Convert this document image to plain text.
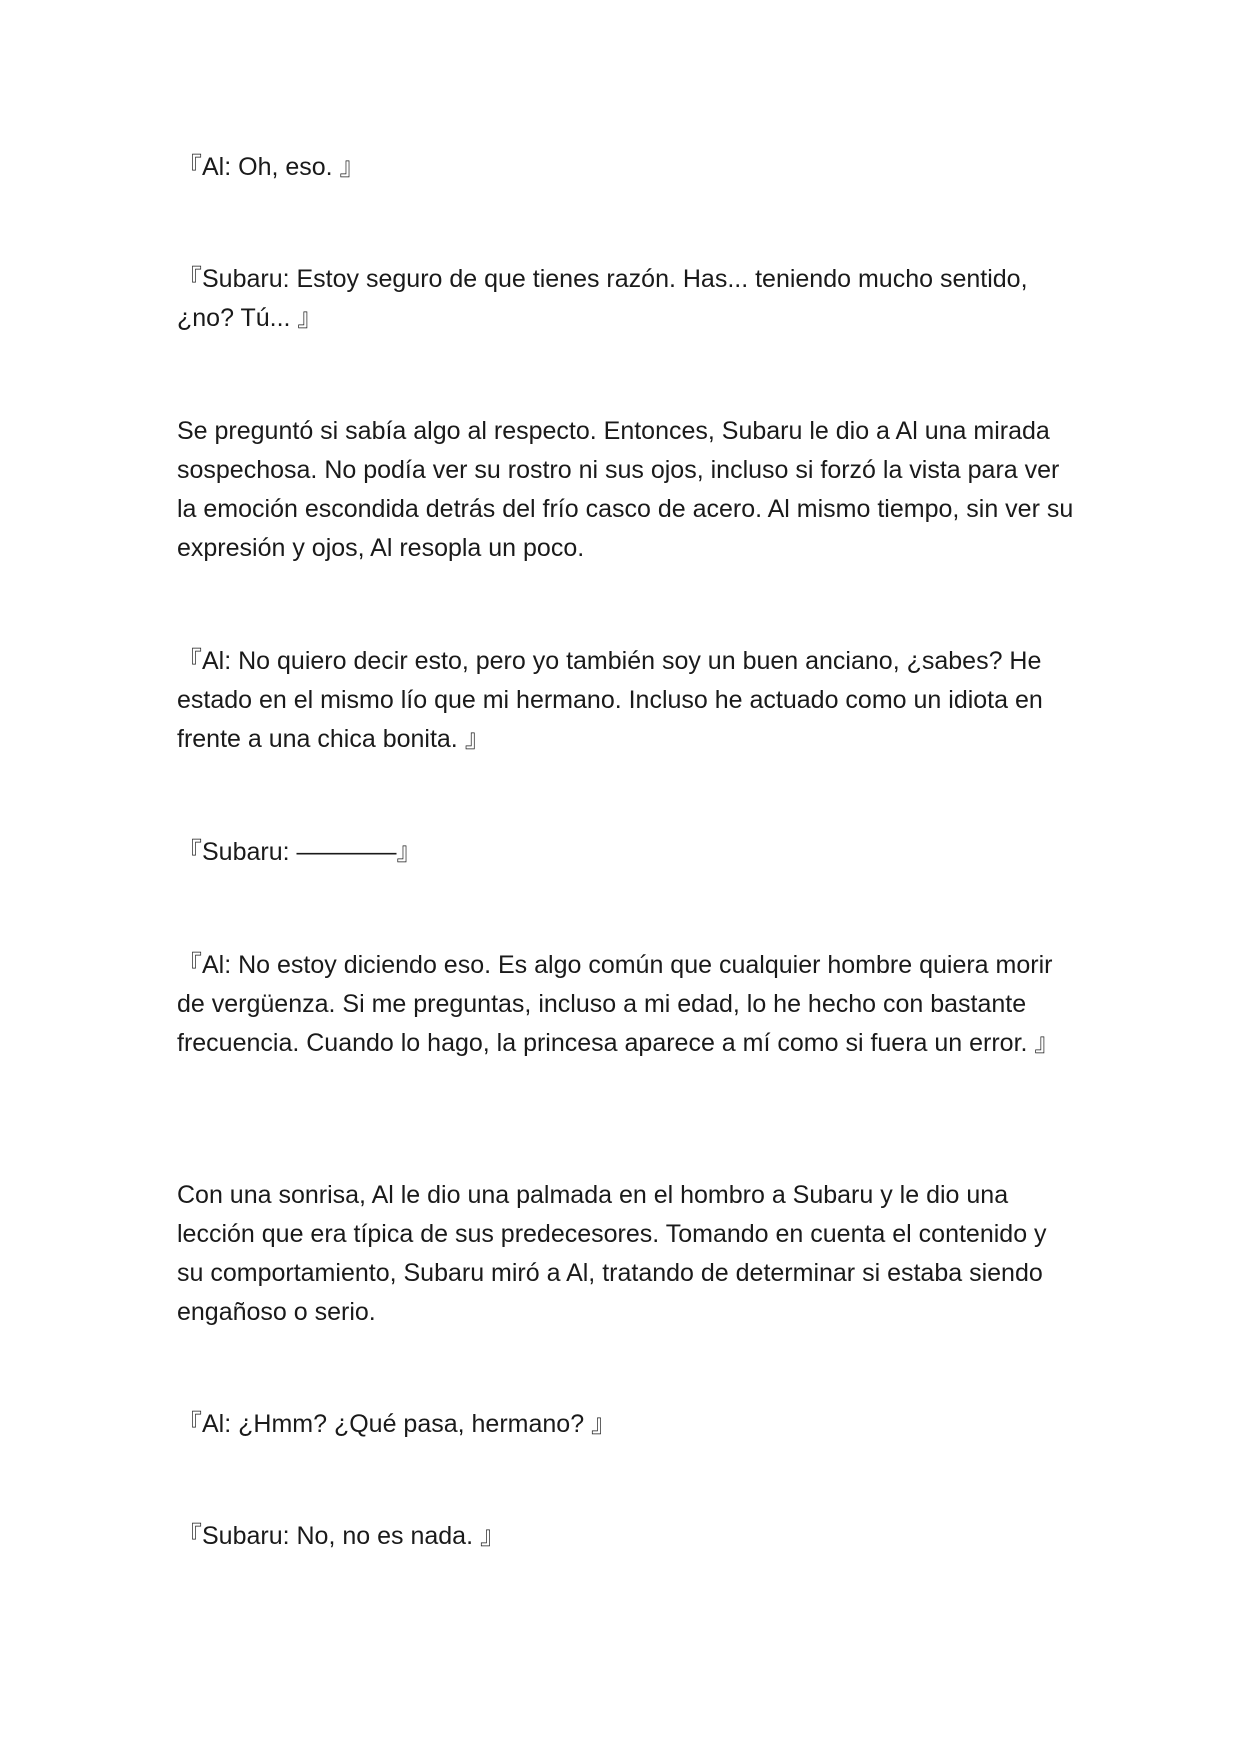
『Al: Oh, eso. 』

『Subaru: Estoy seguro de que tienes razón. Has... teniendo mucho sentido, ¿no? Tú... 』

Se preguntó si sabía algo al respecto. Entonces, Subaru le dio a Al una mirada sospechosa. No podía ver su rostro ni sus ojos, incluso si forzó la vista para ver la emoción escondida detrás del frío casco de acero. Al mismo tiempo, sin ver su expresión y ojos, Al resopla un poco.

『Al: No quiero decir esto, pero yo también soy un buen anciano, ¿sabes? He estado en el mismo lío que mi hermano. Incluso he actuado como un idiota en frente a una chica bonita. 』

『Subaru: ————』

『Al: No estoy diciendo eso. Es algo común que cualquier hombre quiera morir de vergüenza. Si me preguntas, incluso a mi edad, lo he hecho con bastante frecuencia. Cuando lo hago, la princesa aparece a mí como si fuera un error. 』

Con una sonrisa, Al le dio una palmada en el hombro a Subaru y le dio una lección que era típica de sus predecesores. Tomando en cuenta el contenido y su comportamiento, Subaru miró a Al, tratando de determinar si estaba siendo engañoso o serio.

『Al: ¿Hmm? ¿Qué pasa, hermano? 』

『Subaru: No, no es nada. 』
